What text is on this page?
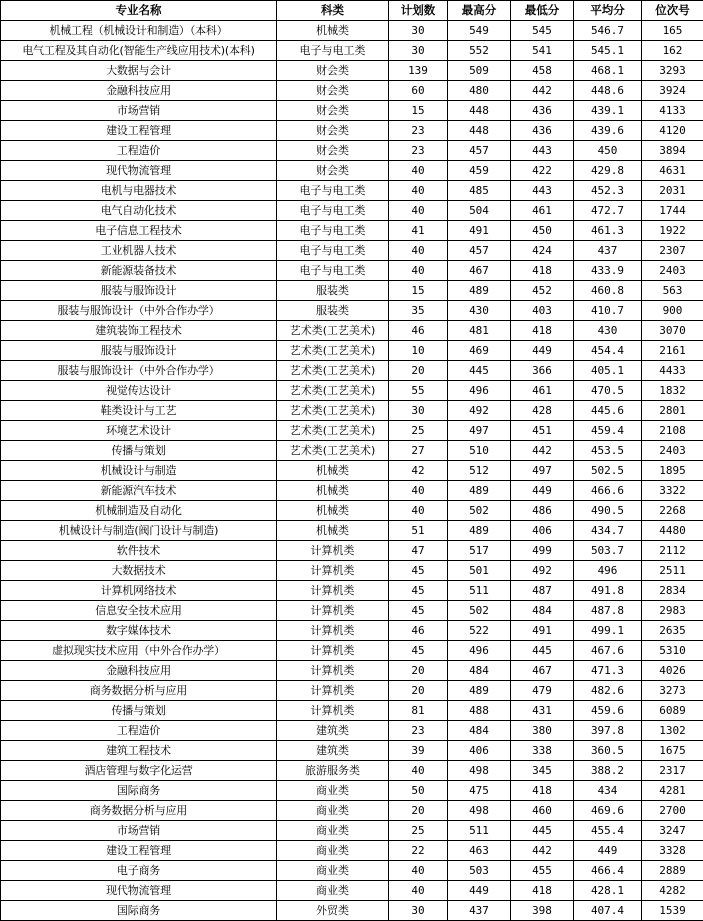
专业名称	科类	计划数	最高分	最低分	平均分	位次号
机械工程（机械设计和制造）（本科）	机械类	30	549	545	546.7	165
电气工程及其自动化(智能生产线应用技术)(本科)	电子与电工类	30	552	541	545.1	162
大数据与会计	财会类	139	509	458	468.1	3293
金融科技应用	财会类	60	480	442	448.6	3924
市场营销	财会类	15	448	436	439.1	4133
建设工程管理	财会类	23	448	436	439.6	4120
工程造价	财会类	23	457	443	450	3894
现代物流管理	财会类	40	459	422	429.8	4631
电机与电器技术	电子与电工类	40	485	443	452.3	2031
电气自动化技术	电子与电工类	40	504	461	472.7	1744
电子信息工程技术	电子与电工类	41	491	450	461.3	1922
工业机器人技术	电子与电工类	40	457	424	437	2307
新能源装备技术	电子与电工类	40	467	418	433.9	2403
服装与服饰设计	服装类	15	489	452	460.8	563
服装与服饰设计（中外合作办学）	服装类	35	430	403	410.7	900
建筑装饰工程技术	艺术类(工艺美术)	46	481	418	430	3070
服装与服饰设计	艺术类(工艺美术)	10	469	449	454.4	2161
服装与服饰设计（中外合作办学）	艺术类(工艺美术)	20	445	366	405.1	4433
视觉传达设计	艺术类(工艺美术)	55	496	461	470.5	1832
鞋类设计与工艺	艺术类(工艺美术)	30	492	428	445.6	2801
环境艺术设计	艺术类(工艺美术)	25	497	451	459.4	2108
传播与策划	艺术类(工艺美术)	27	510	442	453.5	2403
机械设计与制造	机械类	42	512	497	502.5	1895
新能源汽车技术	机械类	40	489	449	466.6	3322
机械制造及自动化	机械类	40	502	486	490.5	2268
机械设计与制造(阀门设计与制造)	机械类	51	489	406	434.7	4480
软件技术	计算机类	47	517	499	503.7	2112
大数据技术	计算机类	45	501	492	496	2511
计算机网络技术	计算机类	45	511	487	491.8	2834
信息安全技术应用	计算机类	45	502	484	487.8	2983
数字媒体技术	计算机类	46	522	491	499.1	2635
虚拟现实技术应用（中外合作办学）	计算机类	45	496	445	467.6	5310
金融科技应用	计算机类	20	484	467	471.3	4026
商务数据分析与应用	计算机类	20	489	479	482.6	3273
传播与策划	计算机类	81	488	431	459.6	6089
工程造价	建筑类	23	484	380	397.8	1302
建筑工程技术	建筑类	39	406	338	360.5	1675
酒店管理与数字化运营	旅游服务类	40	498	345	388.2	2317
国际商务	商业类	50	475	418	434	4281
商务数据分析与应用	商业类	20	498	460	469.6	2700
市场营销	商业类	25	511	445	455.4	3247
建设工程管理	商业类	22	463	442	449	3328
电子商务	商业类	40	503	455	466.4	2889
现代物流管理	商业类	40	449	418	428.1	4282
国际商务	外贸类	30	437	398	407.4	1539
